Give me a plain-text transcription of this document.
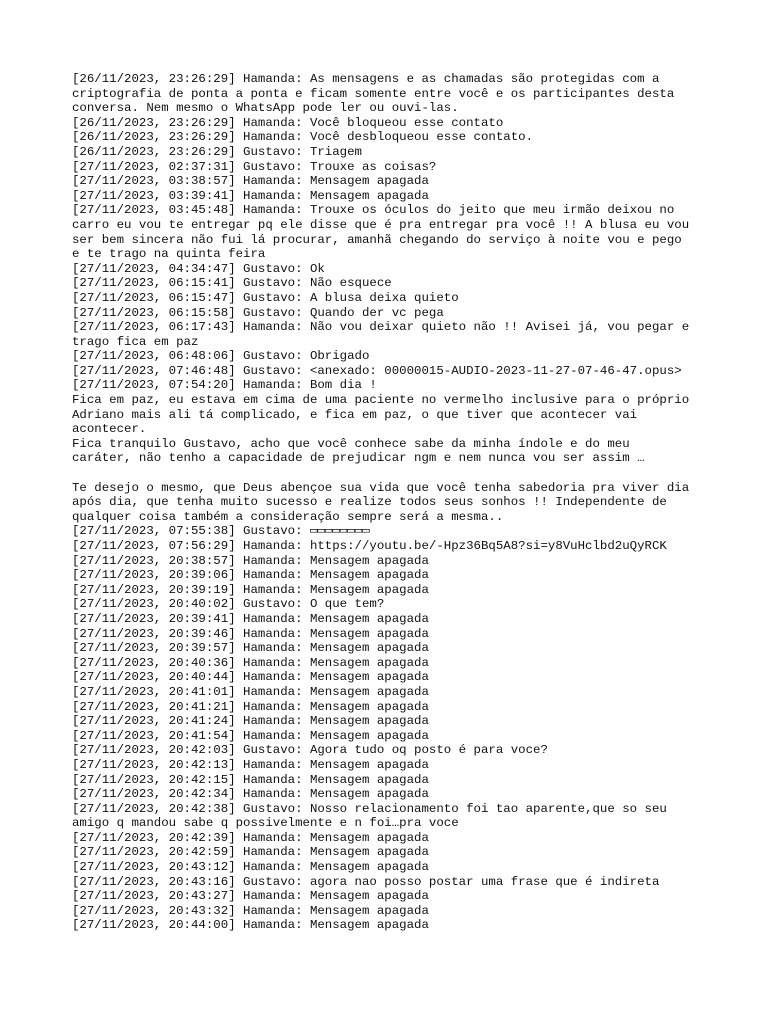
[26/11/2023, 23:26:29] Hamanda: As mensagens e as chamadas são protegidas com a
criptografia de ponta a ponta e ficam somente entre você e os participantes desta
conversa. Nem mesmo o WhatsApp pode ler ou ouvi-las.
[26/11/2023, 23:26:29] Hamanda: Você bloqueou esse contato
[26/11/2023, 23:26:29] Hamanda: Você desbloqueou esse contato.
[26/11/2023, 23:26:29] Gustavo: Triagem
[27/11/2023, 02:37:31] Gustavo: Trouxe as coisas?
[27/11/2023, 03:38:57] Hamanda: Mensagem apagada
[27/11/2023, 03:39:41] Hamanda: Mensagem apagada
[27/11/2023, 03:45:48] Hamanda: Trouxe os óculos do jeito que meu irmão deixou no
carro eu vou te entregar pq ele disse que é pra entregar pra você !! A blusa eu vou
ser bem sincera não fui lá procurar, amanhã chegando do serviço à noite vou e pego
e te trago na quinta feira
[27/11/2023, 04:34:47] Gustavo: Ok
[27/11/2023, 06:15:41] Gustavo: Não esquece
[27/11/2023, 06:15:47] Gustavo: A blusa deixa quieto
[27/11/2023, 06:15:58] Gustavo: Quando der vc pega
[27/11/2023, 06:17:43] Hamanda: Não vou deixar quieto não !! Avisei já, vou pegar e
trago fica em paz
[27/11/2023, 06:48:06] Gustavo: Obrigado
[27/11/2023, 07:46:48] Gustavo: <anexado: 00000015-AUDIO-2023-11-27-07-46-47.opus>
[27/11/2023, 07:54:20] Hamanda: Bom dia !
Fica em paz, eu estava em cima de uma paciente no vermelho inclusive para o próprio
Adriano mais ali tá complicado, e fica em paz, o que tiver que acontecer vai
acontecer.
Fica tranquilo Gustavo, acho que você conhece sabe da minha índole e do meu
caráter, não tenho a capacidade de prejudicar ngm e nem nunca vou ser assim …
Te desejo o mesmo, que Deus abençoe sua vida que você tenha sabedoria pra viver dia
após dia, que tenha muito sucesso e realize todos seus sonhos !! Independente de
qualquer coisa também a consideração sempre será a mesma..
[27/11/2023, 07:55:38] Gustavo: ▭▭▭▭▭▭▭▭
[27/11/2023, 07:56:29] Hamanda: https://youtu.be/-Hpz36Bq5A8?si=y8VuHclbd2uQyRCK
[27/11/2023, 20:38:57] Hamanda: Mensagem apagada
[27/11/2023, 20:39:06] Hamanda: Mensagem apagada
[27/11/2023, 20:39:19] Hamanda: Mensagem apagada
[27/11/2023, 20:40:02] Gustavo: O que tem?
[27/11/2023, 20:39:41] Hamanda: Mensagem apagada
[27/11/2023, 20:39:46] Hamanda: Mensagem apagada
[27/11/2023, 20:39:57] Hamanda: Mensagem apagada
[27/11/2023, 20:40:36] Hamanda: Mensagem apagada
[27/11/2023, 20:40:44] Hamanda: Mensagem apagada
[27/11/2023, 20:41:01] Hamanda: Mensagem apagada
[27/11/2023, 20:41:21] Hamanda: Mensagem apagada
[27/11/2023, 20:41:24] Hamanda: Mensagem apagada
[27/11/2023, 20:41:54] Hamanda: Mensagem apagada
[27/11/2023, 20:42:03] Gustavo: Agora tudo oq posto é para voce?
[27/11/2023, 20:42:13] Hamanda: Mensagem apagada
[27/11/2023, 20:42:15] Hamanda: Mensagem apagada
[27/11/2023, 20:42:34] Hamanda: Mensagem apagada
[27/11/2023, 20:42:38] Gustavo: Nosso relacionamento foi tao aparente,que so seu
amigo q mandou sabe q possivelmente e n foi…pra voce
[27/11/2023, 20:42:39] Hamanda: Mensagem apagada
[27/11/2023, 20:42:59] Hamanda: Mensagem apagada
[27/11/2023, 20:43:12] Hamanda: Mensagem apagada
[27/11/2023, 20:43:16] Gustavo: agora nao posso postar uma frase que é indireta
[27/11/2023, 20:43:27] Hamanda: Mensagem apagada
[27/11/2023, 20:43:32] Hamanda: Mensagem apagada
[27/11/2023, 20:44:00] Hamanda: Mensagem apagada
